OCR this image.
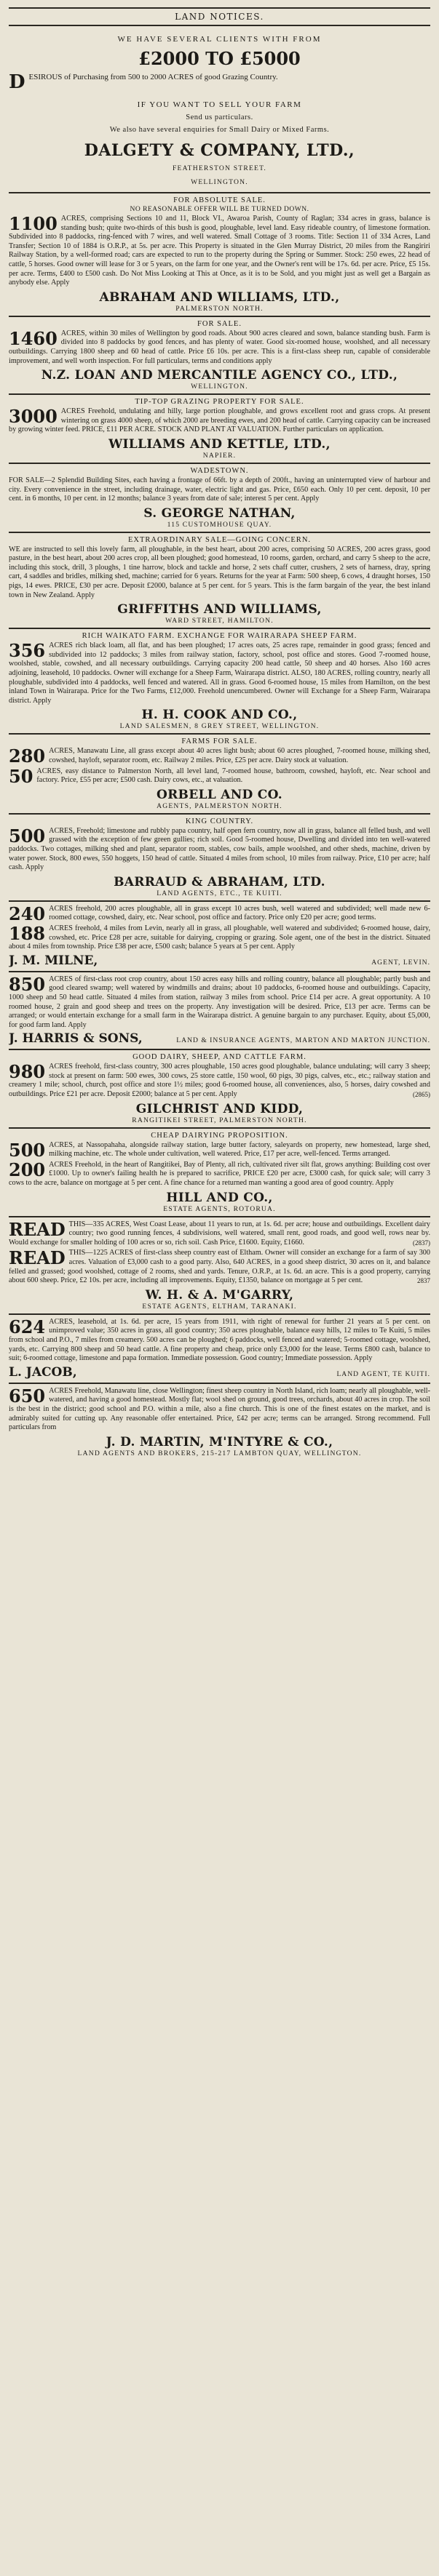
LAND NOTICES.
WE HAVE SEVERAL CLIENTS WITH FROM
£2000 TO £5000
D ESIROUS of Purchasing from 500 to 2000 ACRES of good Grazing Country.
IF YOU WANT TO SELL YOUR FARM
Send us particulars.
We also have several enquiries for Small Dairy or Mixed Farms.
DALGETY & COMPANY, LTD.,
FEATHERSTON STREET.
WELLINGTON.
FOR ABSOLUTE SALE.
NO REASONABLE OFFER WILL BE TURNED DOWN.
1100 ACRES, comprising Sections 10 and 11, Block VI., Awaroa Parish, County of Raglan; 334 acres in grass, balance is standing bush; quite two-thirds of this bush is good, ploughable, level land. Easy rideable country, of limestone formation. Subdivided into 8 paddocks, ring-fenced with 7 wires, and well watered. Small Cottage of 3 rooms. Title: Section 11 of 334 Acres, Land Transfer; Section 10 of 1884 is O.R.P., at 5s. per acre. This Property is situated in the Glen Murray District, 20 miles from the Rangiriri Railway Station, by a well-formed road; cars are expected to run to the property during the Spring or Summer. Stock: 250 ewes, 22 head of cattle, 5 horses. Good owner will lease for 3 or 5 years, on the farm for one year, and the Owner's rent will be 17s. 6d. per acre. Price, £5 15s. per acre. Terms, £400 to £500 cash. Do Not Miss Looking at This at Once, as it is to be Sold, and you might just as well get a Bargain as anybody else. Apply
ABRAHAM AND WILLIAMS, LTD.,
PALMERSTON NORTH.
FOR SALE.
1460 ACRES, within 30 miles of Wellington by good roads. About 900 acres cleared and sown, balance standing bush. Farm is divided into 8 paddocks by good fences, and has plenty of water. Good six-roomed house, woolshed, and all necessary outbuildings. Carrying 1800 sheep and 60 head of cattle. Price £6 10s. per acre. This is a first-class sheep run, capable of considerable improvement, and well worth inspection. For full particulars, terms and conditions apply
N.Z. LOAN AND MERCANTILE AGENCY CO., LTD.,
WELLINGTON.
TIP-TOP GRAZING PROPERTY FOR SALE.
3000 ACRES Freehold, undulating and hilly, large portion ploughable, and grows excellent root and grass crops. At present wintering on grass 4000 sheep, of which 2000 are breeding ewes, and 200 head of cattle. Carrying capacity can be increased by growing winter feed. PRICE, £11 PER ACRE. STOCK AND PLANT AT VALUATION. Further particulars on application.
WILLIAMS AND KETTLE, LTD.,
NAPIER.
WADESTOWN.
FOR SALE—2 Splendid Building Sites, each having a frontage of 66ft. by a depth of 200ft., having an uninterrupted view of harbour and city. Every convenience in the street, including drainage, water, electric light and gas. Price, £650 each. Only 10 per cent. deposit, 10 per cent. in 6 months, 10 per cent. in 12 months; balance 3 years from date of sale; interest 5 per cent. Apply
S. GEORGE NATHAN,
115 CUSTOMHOUSE QUAY.
EXTRAORDINARY SALE—GOING CONCERN.
WE are instructed to sell this lovely farm, all ploughable, in the best heart, about 200 acres, comprising 50 ACRES, 200 acres grass, good pasture, in the best heart, about 200 acres crop, all been ploughed; good homestead, 10 rooms, garden, orchard, and carry 5 sheep to the acre, including this stock, drill, 3 ploughs, 1 tine harrow, block and tackle and horse, 2 sets chaff cutter, crushers, 2 sets of harness, dray, spring cart, 4 saddles and bridles, milking shed, machine; carried for 6 years. Returns for the year at Farm: 500 sheep, 6 cows, 4 draught horses, 150 pigs, 14 ewes. PRICE, £30 per acre. Deposit £2000, balance at 5 per cent. for 5 years. This is the farm bargain of the year, the best inland town in New Zealand. Apply
GRIFFITHS AND WILLIAMS,
WARD STREET, HAMILTON.
RICH WAIKATO FARM. EXCHANGE FOR WAIRARAPA SHEEP FARM.
356 ACRES rich black loam, all flat, and has been ploughed; 17 acres oats, 25 acres rape, remainder in good grass; fenced and subdivided into 12 paddocks; 3 miles from railway station, factory, school, post office and stores. Good 7-roomed house, woolshed, stable, cowshed, and all necessary outbuildings. Carrying capacity 200 head cattle, 50 sheep and 40 horses. Also 160 acres adjoining, leasehold, 10 paddocks. Owner will exchange for a Sheep Farm, Wairarapa district. ALSO, 180 ACRES, rolling country, nearly all ploughable, subdivided into 4 paddocks, well fenced and watered. All in grass. Good 6-roomed house, 15 miles from Hamilton, on the best inland Town in Wairarapa. Price for the Two Farms, £12,000. Freehold unencumbered. Owner will Exchange for a Sheep Farm, Wairarapa district. Apply
H. H. COOK AND CO.,
LAND SALESMEN, 8 GREY STREET, WELLINGTON.
FARMS FOR SALE.
280 ACRES, Manawatu Line, all grass except about 40 acres light bush; about 60 acres ploughed, 7-roomed house, milking shed, cowshed, hayloft, separator room, etc. Railway 2 miles. Price, £25 per acre. Dairy stock at valuation.
50 ACRES, easy distance to Palmerston North, all level land, 7-roomed house, bathroom, cowshed, hayloft, etc. Near school and factory. Price, £55 per acre; £500 cash. Dairy cows, etc., at valuation.
ORBELL AND CO.
AGENTS, PALMERSTON NORTH.
KING COUNTRY.
500 ACRES, Freehold; limestone and rubbly papa country, half open fern country, now all in grass, balance all felled bush, and well grassed with the exception of few green gullies; rich soil. Good 5-roomed house, Dwelling and divided into ten well-watered paddocks. Two cottages, milking shed and plant, separator room, stables, cow bails, ample woolshed, and other sheds, machine, driven by water power. Stock, 800 ewes, 550 hoggets, 150 head of cattle. Situated 4 miles from school, 10 miles from railway. Price, £10 per acre; half cash. Apply
BARRAUD & ABRAHAM, LTD.
LAND AGENTS, ETC., TE KUITI.
240 ACRES freehold, 200 acres ploughable, all in grass except 10 acres bush, well watered and subdivided; well made new 6-roomed cottage, cowshed, dairy, etc. Near school, post office and factory. Price only £20 per acre; good terms.
188 ACRES freehold, 4 miles from Levin, nearly all in grass, all ploughable, well watered and subdivided; 6-roomed house, dairy, cowshed, etc. Price £28 per acre, suitable for dairying, cropping or grazing. Sole agent, one of the best in the district. Situated about 4 miles from township. Price £38 per acre, £500 cash; balance 5 years at 5 per cent. Apply
J. M. MILNE,	AGENT, LEVIN.
850 ACRES of first-class root crop country, about 150 acres easy hills and rolling country, balance all ploughable; partly bush and good cleared swamp; well watered by windmills and drains; about 10 paddocks, 6-roomed house and outbuildings. Capacity, 1000 sheep and 50 head cattle. Situated 4 miles from station, railway 3 miles from school. Price £14 per acre. A great opportunity. A 10 roomed house, 2 grain and good sheep and trees on the property. Any investigation will be desired. Price, £13 per acre. Terms can be arranged; or would entertain exchange for a small farm in the Wairarapa district. A genuine bargain to any purchaser. Equity, about £5,000, for good farm land. Apply
J. HARRIS & SONS,	LAND & INSURANCE AGENTS, MARTON AND MARTON JUNCTION.
GOOD DAIRY, SHEEP, AND CATTLE FARM.
980 ACRES freehold, first-class country, 300 acres ploughable, 150 acres good ploughable, balance undulating; will carry 3 sheep; stock at present on farm: 500 ewes, 300 cows, 25 store cattle, 150 wool, 60 pigs, 30 pigs, calves, etc., etc.; railway station and creamery 1 mile; school, church, post office and store 1½ miles; good 6-roomed house, all conveniences, also, 5 horses, dairy cowshed and outbuildings. Price £21 per acre. Deposit £2000; balance at 5 per cent. Apply	(2865)
GILCHRIST AND KIDD,
RANGITIKEI STREET, PALMERSTON NORTH.
CHEAP DAIRYING PROPOSITION.
500 ACRES, at Nassopahaha, alongside railway station, large butter factory, saleyards on property, new homestead, large shed, milking machine, etc. The whole under cultivation, well watered. Price, £17 per acre, well-fenced. Terms arranged.
200 ACRES Freehold, in the heart of Rangitikei, Bay of Plenty, all rich, cultivated river silt flat, grows anything: Building cost over £1000. Up to owner's failing health he is prepared to sacrifice, PRICE £20 per acre, £3000 cash, for quick sale; will carry 3 cows to the acre, balance on mortgage at 5 per cent. A fine chance for a returned man wanting a good area of good country. Apply
HILL AND CO.,
ESTATE AGENTS, ROTORUA.
READ THIS—335 ACRES, West Coast Lease, about 11 years to run, at 1s. 6d. per acre; house and outbuildings. Excellent dairy country; two good running fences, 4 subdivisions, well watered, small rent, good roads, and good well, rows near by. Would exchange for smaller holding of 100 acres or so, rich soil. Cash Price, £1600. Equity, £1660.	(2837)
READ THIS—1225 ACRES of first-class sheep country east of Eltham. Owner will consider an exchange for a farm of say 300 acres. Valuation of £3,000 cash to a good party. Also, 640 ACRES, in a good sheep district, 30 acres on it, and balance felled and grassed; good woolshed, cottage of 2 rooms, shed and yards. Tenure, O.R.P., at 1s. 6d. an acre. This is a good property, carrying about 600 sheep. Price, £2 10s. per acre, including all improvements. Equity, £1350, balance on mortgage at 5 per cent.	2837
W. H. & A. M'GARRY,
ESTATE AGENTS, ELTHAM, TARANAKI.
624 ACRES, leasehold, at 1s. 6d. per acre, 15 years from 1911, with right of renewal for further 21 years at 5 per cent. on unimproved value; 350 acres in grass, all good country; 350 acres ploughable, balance easy hills, 12 miles to Te Kuiti, 5 miles from school and P.O., 7 miles from creamery. 500 acres can be ploughed; 6 paddocks, well fenced and watered; 5-roomed cottage, woolshed, yards, etc. Carrying 800 sheep and 50 head cattle. A fine property and cheap, price only £3,000 for the lease. Terms £800 cash, balance to suit; 6-roomed cottage, limestone and papa formation. Immediate possession. Good country; Immediate possession. Apply
L. JACOB,	LAND AGENT, TE KUITI.
650 ACRES Freehold, Manawatu line, close Wellington; finest sheep country in North Island, rich loam; nearly all ploughable, well-watered, and having a good homestead. Mostly flat; wool shed on ground, good trees, orchards, about 40 acres in crop. The soil is the best in the district; good school and P.O. within a mile, also a fine church. This is one of the finest estates on the market, and is admirably suited for cutting up. Any reasonable offer entertained. Price, £42 per acre; terms can be arranged. Strong recommend. Full particulars from
J. D. MARTIN, M'INTYRE & CO.,
LAND AGENTS AND BROKERS, 215-217 LAMBTON QUAY, WELLINGTON.
